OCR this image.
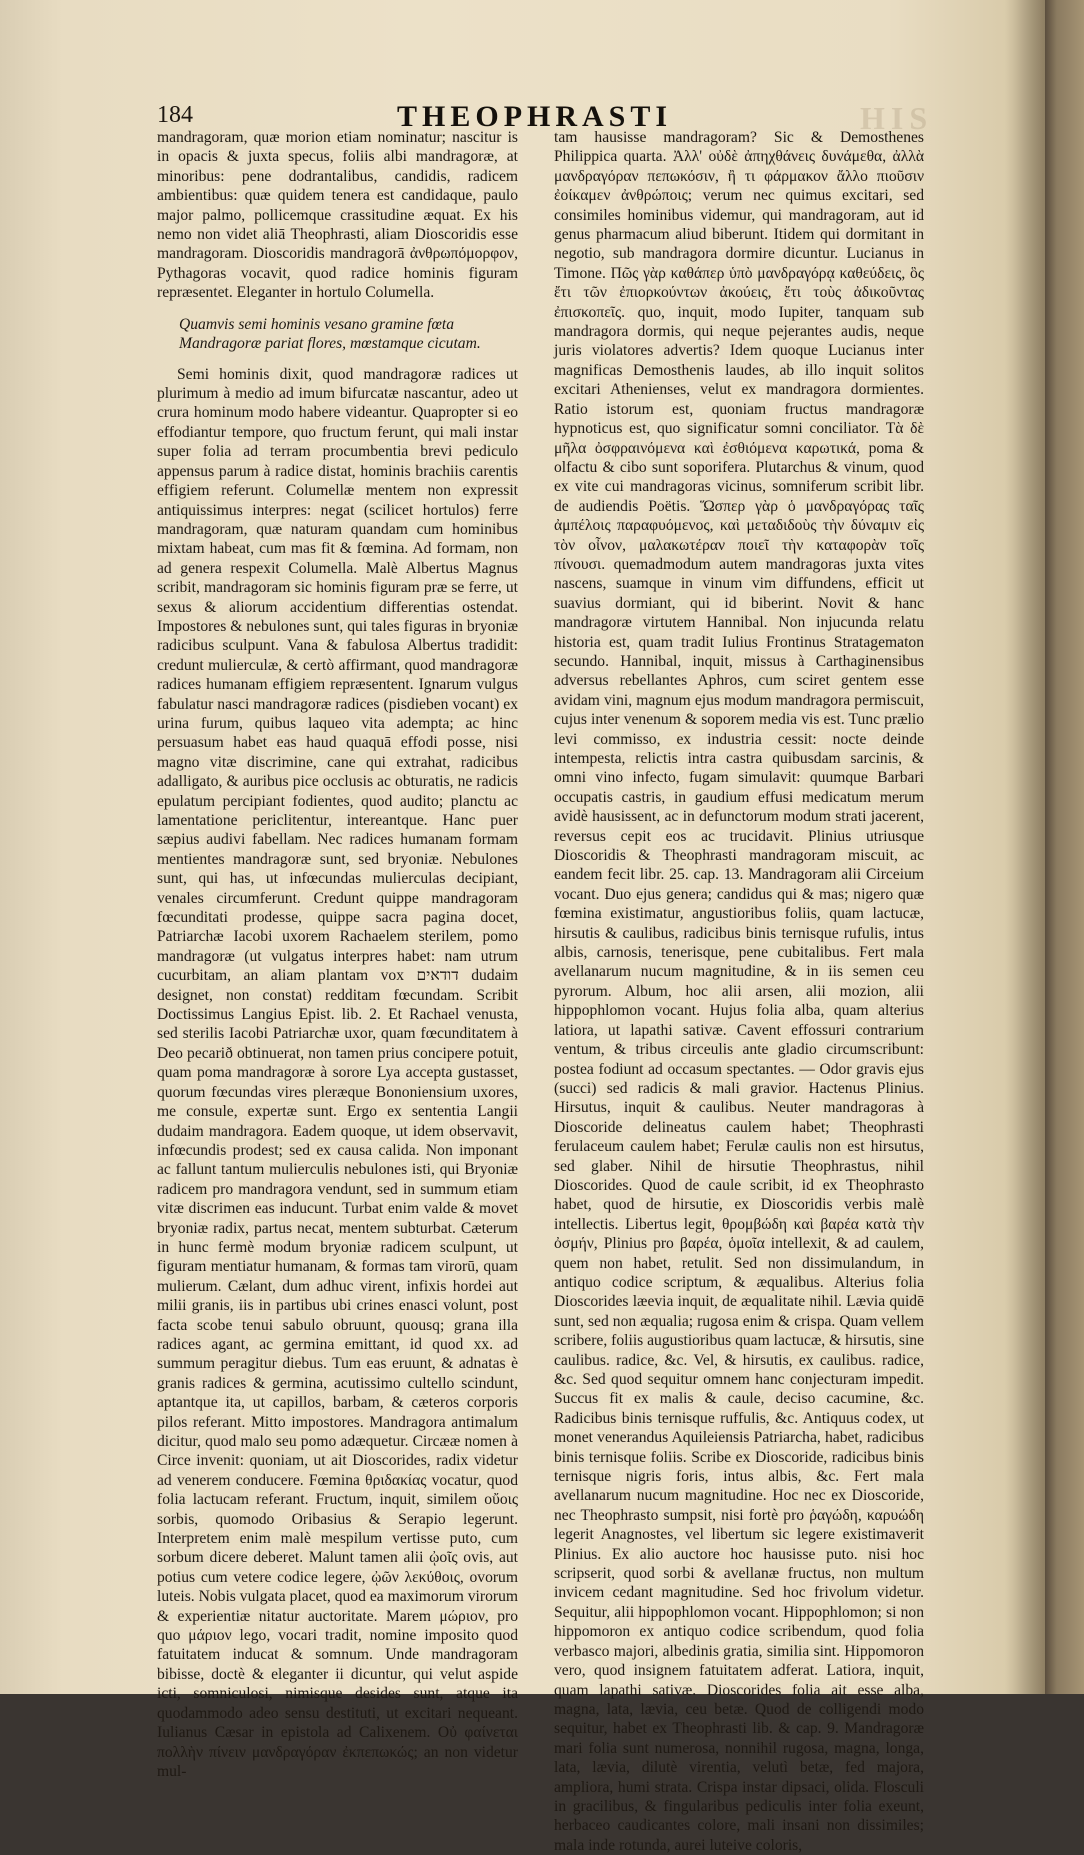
HIS
184	THEOPHRASTI

mandragoram, quæ morion etiam nominatur; nascitur is in opacis & juxta specus, foliis albi mandragoræ, at minoribus: pene dodrantalibus, candidis, radicem ambientibus: quæ quidem tenera est candidaque, paulo major palmo, pollicemque crassitudine æquat. Ex his nemo non videt aliā Theophrasti, aliam Dioscoridis esse mandragoram. Dioscoridis mandragorā ἀνθρωπόμορφον, Pythagoras vocavit, quod radice hominis figuram repræsentet. Eleganter in hortulo Columella.

Quamvis semi hominis vesano gramine fœta
Mandragoræ pariat flores, mœstamque cicutam.

Semi hominis dixit, quod mandragoræ radices ut plurimum à medio ad imum bifurcatæ nascantur, adeo ut crura hominum modo habere videantur. Quapropter si eo effodiantur tempore, quo fructum ferunt, qui mali instar super folia ad terram procumbentia brevi pediculo appensus parum à radice distat, hominis brachiis carentis effigiem referunt. Columellæ mentem non expressit antiquissimus interpres: negat (scilicet hortulos) ferre mandragoram, quæ naturam quandam cum hominibus mixtam habeat, cum mas fit & fœmina. Ad formam, non ad genera respexit Columella. Malè Albertus Magnus scribit, mandragoram sic hominis figuram præ se ferre, ut sexus & aliorum accidentium differentias ostendat. Impostores & nebulones sunt, qui tales figuras in bryoniæ radicibus sculpunt. Vana & fabulosa Albertus tradidit: credunt mulierculæ, & certò affirmant, quod mandragoræ radices humanam effigiem repræsentent. Ignarum vulgus fabulatur nasci mandragoræ radices (pisdieben vocant) ex urina furum, quibus laqueo vita adempta; ac hinc persuasum habet eas haud quaquā effodi posse, nisi magno vitæ discrimine, cane qui extrahat, radicibus adalligato, & auribus pice occlusis ac obturatis, ne radicis epulatum percipiant fodientes, quod audito; planctu ac lamentatione periclitentur, intereantque. Hanc puer sæpius audivi fabellam. Nec radices humanam formam mentientes mandragoræ sunt, sed bryoniæ. Nebulones sunt, qui has, ut infœcundas mulierculas decipiant, venales circumferunt. Credunt quippe mandragoram fœcunditati prodesse, quippe sacra pagina docet, Patriarchæ Iacobi uxorem Rachaelem sterilem, pomo mandragoræ (ut vulgatus interpres habet: nam utrum cucurbitam, an aliam plantam vox דודאים dudaim designet, non constat) redditam fœcundam. Scribit Doctissimus Langius Epist. lib. 2. Et Rachael venusta, sed sterilis Iacobi Patriarchæ uxor, quam fœcunditatem à Deo pecarið obtinuerat, non tamen prius concipere potuit, quam poma mandragoræ à sorore Lya accepta gustasset, quorum fœcundas vires pleræque Bononiensium uxores, me consule, expertæ sunt. Ergo ex sententia Langii dudaim mandragora. Eadem quoque, ut idem observavit, infœcundis prodest; sed ex causa calida. Non imponant ac fallunt tantum mulierculis nebulones isti, qui Bryoniæ radicem pro mandragora vendunt, sed in summum etiam vitæ discrimen eas inducunt. Turbat enim valde & movet bryoniæ radix, partus necat, mentem subturbat. Cæterum in hunc fermè modum bryoniæ radicem sculpunt, ut figuram mentiatur humanam, & formas tam virorū, quam mulierum. Cælant, dum adhuc virent, infixis hordei aut milii granis, iis in partibus ubi crines enasci volunt, post facta scobe tenui sabulo obruunt, quousq; grana illa radices agant, ac germina emittant, id quod xx. ad summum peragitur diebus. Tum eas eruunt, & adnatas è granis radices & germina, acutissimo cultello scindunt, aptantque ita, ut capillos, barbam, & cæteros corporis pilos referant. Mitto impostores. Mandragora antimalum dicitur, quod malo seu pomo adæquetur. Circææ nomen à Circe invenit: quoniam, ut ait Dioscorides, radix videtur ad venerem conducere. Fœmina θριδακίας vocatur, quod folia lactucam referant. Fructum, inquit, similem οὔοις sorbis, quomodo Oribasius & Serapio legerunt. Interpretem enim malè mespilum vertisse puto, cum sorbum dicere deberet. Malunt tamen alii ᾠοῖς ovis, aut potius cum vetere codice legere, ᾠῶν λεκύθοις, ovorum luteis. Nobis vulgata placet, quod ea maximorum virorum & experientiæ nitatur auctoritate. Marem μώριον, pro quo μάριον lego, vocari tradit, nomine imposito quod fatuitatem inducat & somnum. Unde mandragoram bibisse, doctè & eleganter ii dicuntur, qui velut aspide icti, somniculosi, nimisque desides sunt, atque ita quodammodo adeo sensu destituti, ut excitari nequeant. Iulianus Cæsar in epistola ad Calixenem. Οὐ φαίνεται πολλὴν πίνειν μανδραγόραν ἐκπεπωκώς; an non videtur mul-

tam hausisse mandragoram? Sic & Demosthenes Philippica quarta. Ἀλλ' οὐδὲ ἀπηχθάνεις δυνάμεθα, ἀλλὰ μανδραγόραν πεπωκόσιν, ἢ τι φάρμακον ἄλλο πιοῦσιν ἐοίκαμεν ἀνθρώποις; verum nec quimus excitari, sed consimiles hominibus videmur, qui mandragoram, aut id genus pharmacum aliud biberunt. Itidem qui dormitant in negotio, sub mandragora dormire dicuntur. Lucianus in Timone. Πῶς γὰρ καθάπερ ὑπὸ μανδραγόρᾳ καθεύδεις, ὃς ἔτι τῶν ἐπιορκούντων ἀκούεις, ἔτι τοὺς ἀδικοῦντας ἐπισκοπεῖς. quo, inquit, modo Iupiter, tanquam sub mandragora dormis, qui neque pejerantes audis, neque juris violatores advertis? Idem quoque Lucianus inter magnificas Demosthenis laudes, ab illo inquit solitos excitari Athenienses, velut ex mandragora dormientes. Ratio istorum est, quoniam fructus mandragoræ hypnoticus est, quo significatur somni conciliator. Τὰ δὲ μῆλα ὀσφραινόμενα καὶ ἐσθιόμενα καρωτικά, poma & olfactu & cibo sunt soporifera. Plutarchus & vinum, quod ex vite cui mandragoras vicinus, somniferum scribit libr. de audiendis Poëtis. Ὥσπερ γὰρ ὁ μανδραγόρας ταῖς ἀμπέλοις παραφυόμενος, καὶ μεταδιδοὺς τὴν δύναμιν εἰς τὸν οἶνον, μαλακωτέραν ποιεῖ τὴν καταφορὰν τοῖς πίνουσι. quemadmodum autem mandragoras juxta vites nascens, suamque in vinum vim diffundens, efficit ut suavius dormiant, qui id biberint. Novit & hanc mandragoræ virtutem Hannibal. Non injucunda relatu historia est, quam tradit Iulius Frontinus Stratagematon secundo. Hannibal, inquit, missus à Carthaginensibus adversus rebellantes Aphros, cum sciret gentem esse avidam vini, magnum ejus modum mandragora permiscuit, cujus inter venenum & soporem media vis est. Tunc prælio levi commisso, ex industria cessit: nocte deinde intempesta, relictis intra castra quibusdam sarcinis, & omni vino infecto, fugam simulavit: quumque Barbari occupatis castris, in gaudium effusi medicatum merum avidè hausissent, ac in defunctorum modum strati jacerent, reversus cepit eos ac trucidavit. Plinius utriusque Dioscoridis & Theophrasti mandragoram miscuit, ac eandem fecit libr. 25. cap. 13. Mandragoram alii Circeium vocant. Duo ejus genera; candidus qui & mas; nigero quæ fœmina existimatur, angustioribus foliis, quam lactucæ, hirsutis & caulibus, radicibus binis ternisque rufulis, intus albis, carnosis, tenerisque, pene cubitalibus. Fert mala avellanarum nucum magnitudine, & in iis semen ceu pyrorum. Album, hoc alii arsen, alii mozion, alii hippophlomon vocant. Hujus folia alba, quam alterius latiora, ut lapathi sativæ. Cavent effossuri contrarium ventum, & tribus circeulis ante gladio circumscribunt: postea fodiunt ad occasum spectantes. — Odor gravis ejus (succi) sed radicis & mali gravior. Hactenus Plinius. Hirsutus, inquit & caulibus. Neuter mandragoras à Dioscoride delineatus caulem habet; Theophrasti ferulaceum caulem habet; Ferulæ caulis non est hirsutus, sed glaber. Nihil de hirsutie Theophrastus, nihil Dioscorides. Quod de caule scribit, id ex Theophrasto habet, quod de hirsutie, ex Dioscoridis verbis malè intellectis. Libertus legit, θρομβώδη καὶ βαρέα κατὰ τὴν ὀσμήν, Plinius pro βαρέα, ὁμοῖα intellexit, & ad caulem, quem non habet, retulit. Sed non dissimulandum, in antiquo codice scriptum, & æqualibus. Alterius folia Dioscorides læevia inquit, de æqualitate nihil. Lævia quidē sunt, sed non æqualia; rugosa enim & crispa. Quam vellem scribere, foliis augustioribus quam lactucæ, & hirsutis, sine caulibus. radice, &c. Vel, & hirsutis, ex caulibus. radice, &c. Sed quod sequitur omnem hanc conjecturam impedit. Succus fit ex malis & caule, deciso cacumine, &c. Radicibus binis ternisque ruffulis, &c. Antiquus codex, ut monet venerandus Aquileiensis Patriarcha, habet, radicibus binis ternisque foliis. Scribe ex Dioscoride, radicibus binis ternisque nigris foris, intus albis, &c. Fert mala avellanarum nucum magnitudine. Hoc nec ex Dioscoride, nec Theophrasto sumpsit, nisi fortè pro ῥαγώδη, καρυώδη legerit Anagnostes, vel libertum sic legere existimaverit Plinius. Ex alio auctore hoc hausisse puto. nisi hoc scripserit, quod sorbi & avellanæ fructus, non multum invicem cedant magnitudine. Sed hoc frivolum videtur. Sequitur, alii hippophlomon vocant. Hippophlomon; si non hippomoron ex antiquo codice scribendum, quod folia verbasco majori, albedinis gratia, similia sint. Hippomoron vero, quod insignem fatuitatem adferat. Latiora, inquit, quam lapathi sativæ. Dioscorides folia ait esse alba, magna, lata, lævia, ceu betæ. Quod de colligendi modo sequitur, habet ex Theophrasti lib. & cap. 9. Mandragoræ mari folia sunt numerosa, nonnihil rugosa, magna, longa, lata, lævia, dilutè virentia, velutì betæ, fed majora, ampliora, humi strata. Crispa instar dipsaci, olida. Flosculi in gracilibus, & fingularibus pediculis inter folia exeunt, herbaceo caudicantes colore, mali insani non dissimiles; mala inde rotunda, aurei luteive coloris,
